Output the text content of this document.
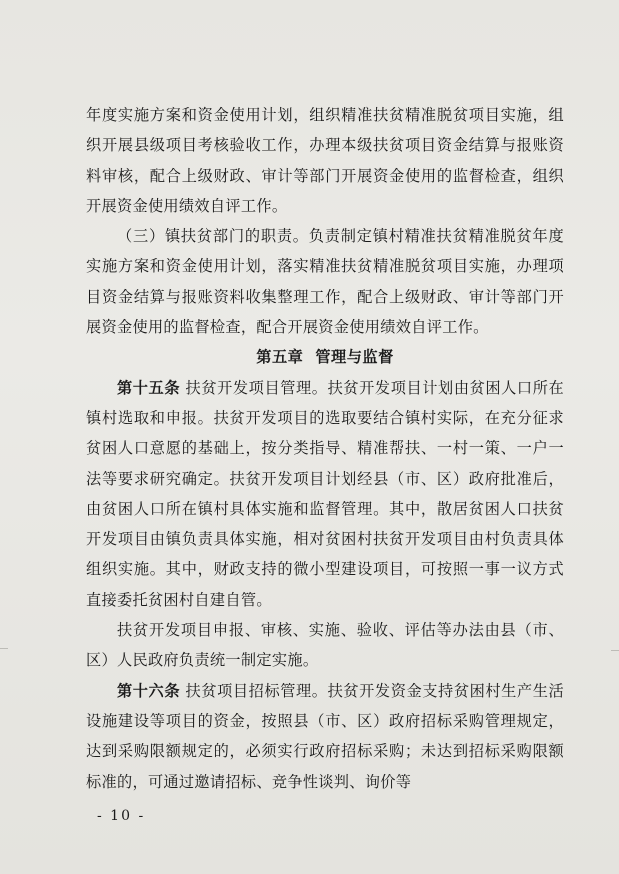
年度实施方案和资金使用计划，组织精准扶贫精准脱贫项目实施，组织开展县级项目考核验收工作，办理本级扶贫项目资金结算与报账资料审核，配合上级财政、审计等部门开展资金使用的监督检查，组织开展资金使用绩效自评工作。

（三）镇扶贫部门的职责。负责制定镇村精准扶贫精准脱贫年度实施方案和资金使用计划，落实精准扶贫精准脱贫项目实施，办理项目资金结算与报账资料收集整理工作，配合上级财政、审计等部门开展资金使用的监督检查，配合开展资金使用绩效自评工作。

第五章 管理与监督

第十五条 扶贫开发项目管理。扶贫开发项目计划由贫困人口所在镇村选取和申报。扶贫开发项目的选取要结合镇村实际，在充分征求贫困人口意愿的基础上，按分类指导、精准帮扶、一村一策、一户一法等要求研究确定。扶贫开发项目计划经县（市、区）政府批准后，由贫困人口所在镇村具体实施和监督管理。其中，散居贫困人口扶贫开发项目由镇负责具体实施，相对贫困村扶贫开发项目由村负责具体组织实施。其中，财政支持的微小型建设项目，可按照一事一议方式直接委托贫困村自建自管。

扶贫开发项目申报、审核、实施、验收、评估等办法由县（市、区）人民政府负责统一制定实施。

第十六条 扶贫项目招标管理。扶贫开发资金支持贫困村生产生活设施建设等项目的资金，按照县（市、区）政府招标采购管理规定，达到采购限额规定的，必须实行政府招标采购；未达到招标采购限额标准的，可通过邀请招标、竞争性谈判、询价等

- 10 -
